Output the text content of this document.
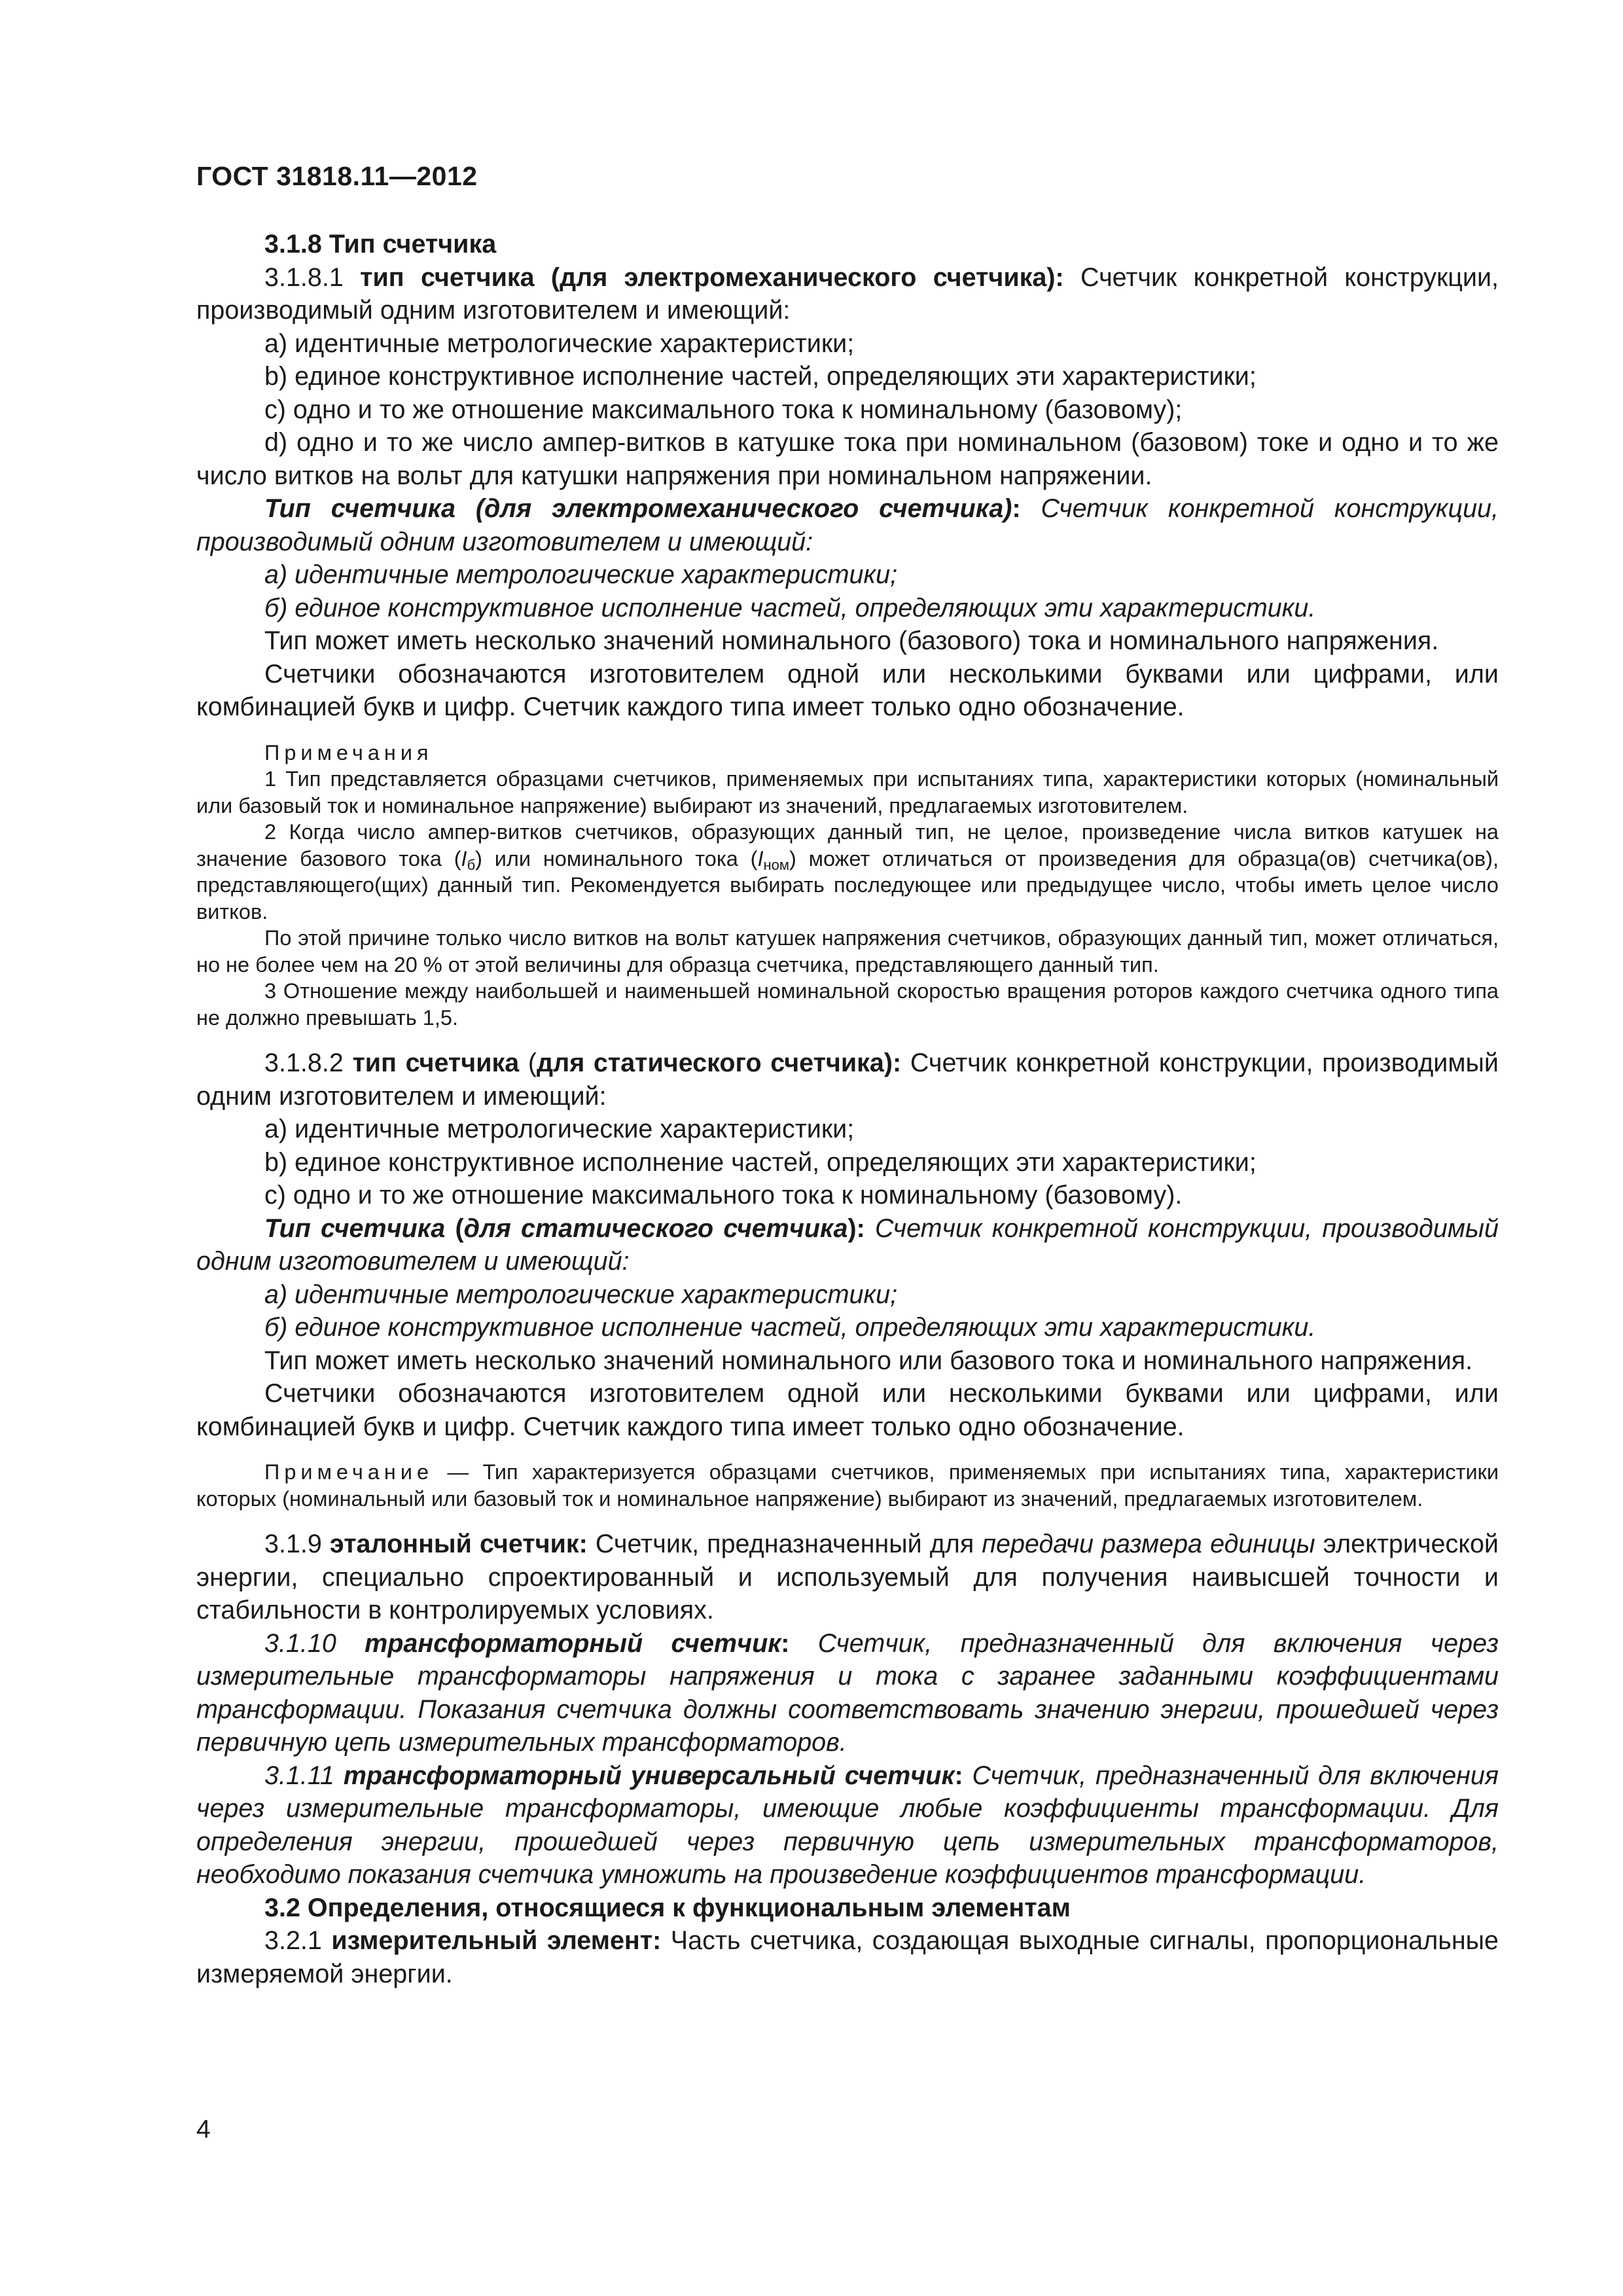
ГОСТ 31818.11—2012

3.1.8 Тип счетчика

3.1.8.1 тип счетчика (для электромеханического счетчика): Счетчик конкретной конструкции, производимый одним изготовителем и имеющий:

a) идентичные метрологические характеристики;

b) единое конструктивное исполнение частей, определяющих эти характеристики;

c) одно и то же отношение максимального тока к номинальному (базовому);

d) одно и то же число ампер-витков в катушке тока при номинальном (базовом) токе и одно и то же число витков на вольт для катушки напряжения при номинальном напряжении.

Тип счетчика (для электромеханического счетчика): Счетчик конкретной конструкции, производимый одним изготовителем и имеющий:

а) идентичные метрологические характеристики;

б) единое конструктивное исполнение частей, определяющих эти характеристики.

Тип может иметь несколько значений номинального (базового) тока и номинального напряжения.

Счетчики обозначаются изготовителем одной или несколькими буквами или цифрами, или комбинацией букв и цифр. Счетчик каждого типа имеет только одно обозначение.

Примечания

1 Тип представляется образцами счетчиков, применяемых при испытаниях типа, характеристики которых (номинальный или базовый ток и номинальное напряжение) выбирают из значений, предлагаемых изготовителем.

2 Когда число ампер-витков счетчиков, образующих данный тип, не целое, произведение числа витков катушек на значение базового тока $(I_б)$ или номинального тока $(I_{ном})$ может отличаться от произведения для образца(ов) счетчика(ов), представляющего(щих) данный тип. Рекомендуется выбирать последующее или предыдущее число, чтобы иметь целое число витков.

По этой причине только число витков на вольт катушек напряжения счетчиков, образующих данный тип, может отличаться, но не более чем на 20 % от этой величины для образца счетчика, представляющего данный тип.

3 Отношение между наибольшей и наименьшей номинальной скоростью вращения роторов каждого счетчика одного типа не должно превышать 1,5.

3.1.8.2 тип счетчика (для статического счетчика): Счетчик конкретной конструкции, производимый одним изготовителем и имеющий:

a) идентичные метрологические характеристики;

b) единое конструктивное исполнение частей, определяющих эти характеристики;

c) одно и то же отношение максимального тока к номинальному (базовому).

Тип счетчика (для статического счетчика): Счетчик конкретной конструкции, производимый одним изготовителем и имеющий:

а) идентичные метрологические характеристики;

б) единое конструктивное исполнение частей, определяющих эти характеристики.

Тип может иметь несколько значений номинального или базового тока и номинального напряжения.

Счетчики обозначаются изготовителем одной или несколькими буквами или цифрами, или комбинацией букв и цифр. Счетчик каждого типа имеет только одно обозначение.

Примечание — Тип характеризуется образцами счетчиков, применяемых при испытаниях типа, характеристики которых (номинальный или базовый ток и номинальное напряжение) выбирают из значений, предлагаемых изготовителем.

3.1.9 эталонный счетчик: Счетчик, предназначенный для передачи размера единицы электрической энергии, специально спроектированный и используемый для получения наивысшей точности и стабильности в контролируемых условиях.

3.1.10 трансформаторный счетчик: Счетчик, предназначенный для включения через измерительные трансформаторы напряжения и тока с заранее заданными коэффициентами трансформации. Показания счетчика должны соответствовать значению энергии, прошедшей через первичную цепь измерительных трансформаторов.

3.1.11 трансформаторный универсальный счетчик: Счетчик, предназначенный для включения через измерительные трансформаторы, имеющие любые коэффициенты трансформации. Для определения энергии, прошедшей через первичную цепь измерительных трансформаторов, необходимо показания счетчика умножить на произведение коэффициентов трансформации.

3.2 Определения, относящиеся к функциональным элементам

3.2.1 измерительный элемент: Часть счетчика, создающая выходные сигналы, пропорциональные измеряемой энергии.

4
